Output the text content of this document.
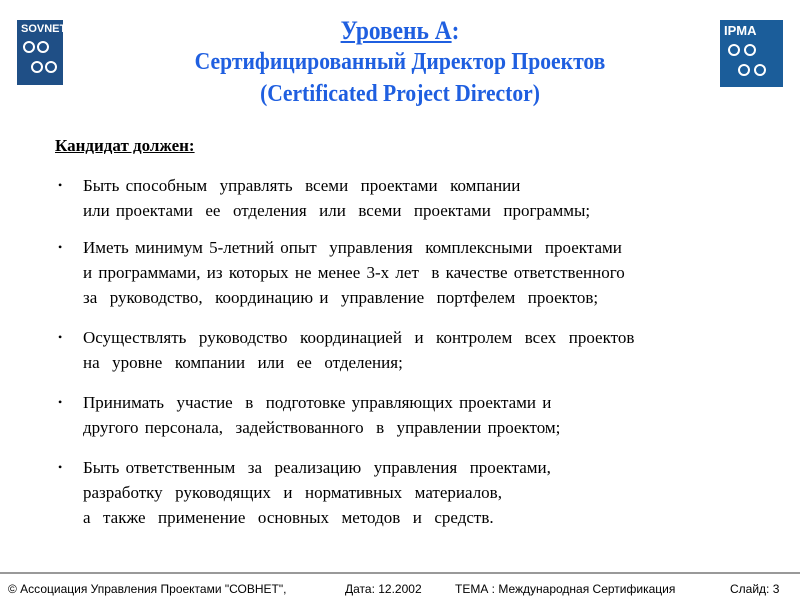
SOVNET	IPMA
Уровень А:
Сертифицированный Директор Проектов
(Certificated Project Director)
Кандидат должен:
• Быть способным  управлять  всеми  проектами  компании
или проектами  ее  отделения  или  всеми  проектами  программы;
• Иметь минимум 5-летний опыт  управления  комплексными  проектами
и программами, из которых не менее 3-х лет  в качестве ответственного
за  руководство,  координацию и  управление  портфелем  проектов;
• Осуществлять  руководство  координацией  и  контролем  всех  проектов
на  уровне  компании  или  ее  отделения;
• Принимать  участие  в  подготовке управляющих проектами и
другого персонала,  задействованного  в  управлении проектом;
• Быть ответственным  за  реализацию  управления  проектами,
разработку  руководящих  и  нормативных  материалов,
а  также  применение  основных  методов  и  средств.
© Ассоциация Управления Проектами "СОВНЕТ",	Дата: 12.2002	ТЕМА : Международная Сертификация	Слайд: 3
